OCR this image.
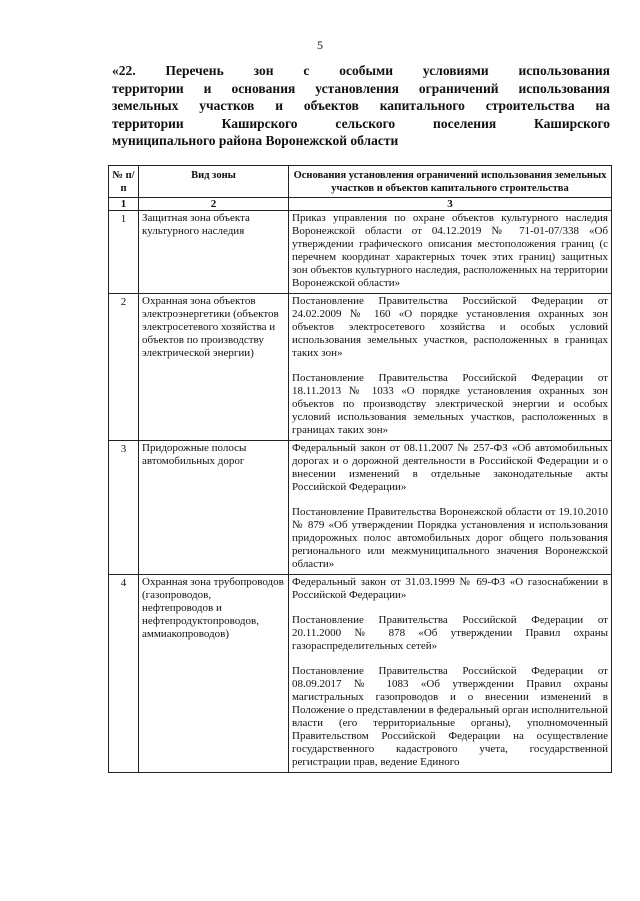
5
«22. Перечень зон с особыми условиями использования
территории и основания установления ограничений использования
земельных участков и объектов капитального строительства на
территории Каширского сельского поселения Каширского
муниципального района Воронежской области
№ п/п	Вид зоны	Основания установления ограничений использования земельных участков и объектов капитального строительства
1	2	3
1	Защитная зона объекта культурного наследия	Приказ управления по охране объектов культурного наследия Воронежской области от 04.12.2019 № 71-01-07/338 «Об утверждении графического описания местоположения границ (с перечнем координат характерных точек этих границ) защитных зон объектов культурного наследия, расположенных на территории Воронежской области»

2	Охранная зона объектов электроэнергетики (объектов электросетевого хозяйства и объектов по производству электрической энергии)	Постановление Правительства Российской Федерации от 24.02.2009 № 160 «О порядке установления охранных зон объектов электросетевого хозяйства и особых условий использования земельных участков, расположенных в границах таких зон»

Постановление Правительства Российской Федерации от 18.11.2013 № 1033 «О порядке установления охранных зон объектов по производству электрической энергии и особых условий использования земельных участков, расположенных в границах таких зон»

3	Придорожные полосы автомобильных дорог	Федеральный закон от 08.11.2007 № 257-ФЗ «Об автомобильных дорогах и о дорожной деятельности в Российской Федерации и о внесении изменений в отдельные законодательные акты Российской Федерации»

Постановление Правительства Воронежской области от 19.10.2010 № 879 «Об утверждении Порядка установления и использования придорожных полос автомобильных дорог общего пользования регионального или межмуниципального значения Воронежской области»

4	Охранная зона трубопроводов (газопроводов, нефтепроводов и нефтепродуктопроводов, аммиакопроводов)	Федеральный закон от 31.03.1999 № 69-ФЗ «О газоснабжении в Российской Федерации»

Постановление Правительства Российской Федерации от 20.11.2000 № 878 «Об утверждении Правил охраны газораспределительных сетей»

Постановление Правительства Российской Федерации от 08.09.2017 № 1083 «Об утверждении Правил охраны магистральных газопроводов и о внесении изменений в Положение о представлении в федеральный орган исполнительной власти (его территориальные органы), уполномоченный Правительством Российской Федерации на осуществление государственного кадастрового учета, государственной регистрации прав, ведение Единого
